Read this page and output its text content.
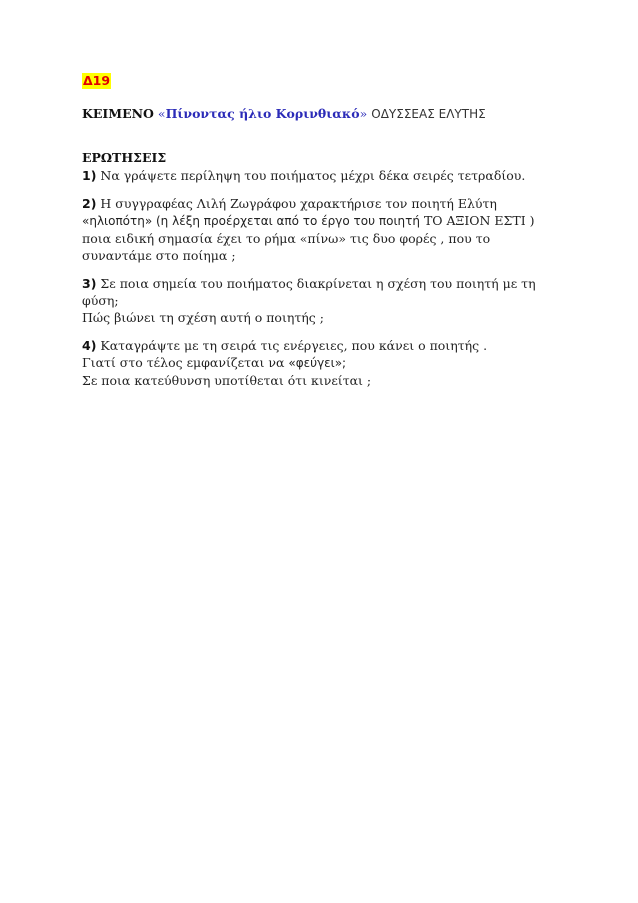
Δ19
ΚΕΙΜΕΝΟ «Πίνοντας ήλιο Κορινθιακό» ΟΔΥΣΣΕΑΣ ΕΛΥΤΗΣ
ΕΡΩΤΗΣΕΙΣ
1) Να γράψετε περίληψη του ποιήματος μέχρι δέκα σειρές τετραδίου.
2) Η συγγραφέας Λιλή Ζωγράφου χαρακτήρισε τον ποιητή Ελύτη
«ηλιοπότη» (η λέξη προέρχεται από το έργο του ποιητή ΤΟ ΑΞΙΟΝ ΕΣΤΙ )
ποια ειδική σημασία έχει το ρήμα «πίνω» τις δυο φορές , που το
συναντάμε στο ποίημα ;
3) Σε ποια σημεία του ποιήματος διακρίνεται η σχέση του ποιητή με τη
φύση;
Πώς βιώνει τη σχέση αυτή ο ποιητής ;
4) Καταγράψτε με τη σειρά τις ενέργειες, που κάνει ο ποιητής .
Γιατί στο τέλος εμφανίζεται να «φεύγει»;
Σε ποια κατεύθυνση υποτίθεται ότι κινείται ;
